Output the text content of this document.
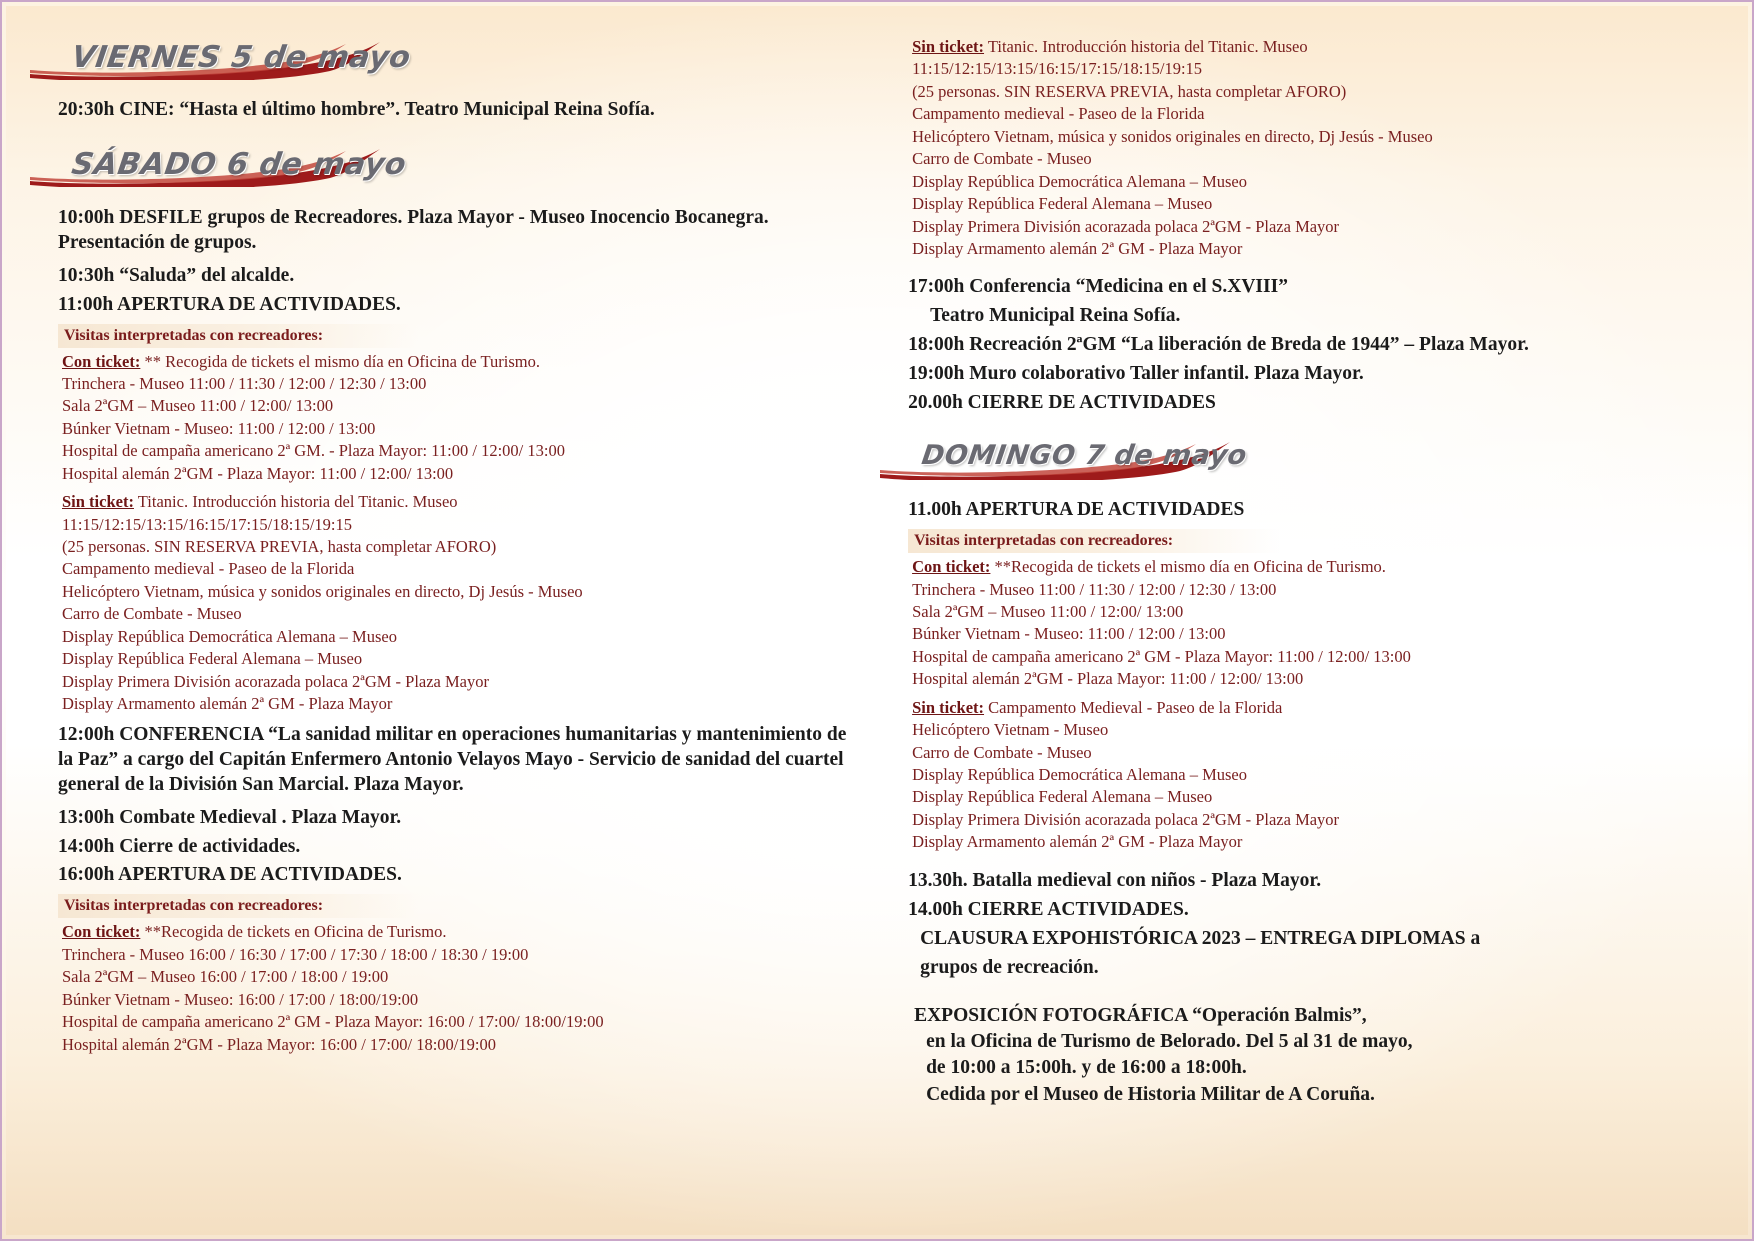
VIERNES 5 de mayo
20:30h CINE: “Hasta el último hombre”. Teatro Municipal Reina Sofía.
SÁBADO 6 de mayo
10:00h DESFILE grupos de Recreadores. Plaza Mayor - Museo Inocencio Bocanegra. Presentación de grupos.
10:30h “Saluda” del alcalde.
11:00h APERTURA DE ACTIVIDADES.
Visitas interpretadas con recreadores:

Con ticket: ** Recogida de tickets el mismo día en Oficina de Turismo.

Trinchera - Museo 11:00 / 11:30 / 12:00 / 12:30 / 13:00

Sala 2ªGM – Museo 11:00 / 12:00/ 13:00

Búnker Vietnam - Museo: 11:00 / 12:00 / 13:00

Hospital de campaña americano 2ª GM. - Plaza Mayor: 11:00 / 12:00/ 13:00

Hospital alemán 2ªGM - Plaza Mayor: 11:00 / 12:00/ 13:00

Sin ticket: Titanic. Introducción historia del Titanic. Museo

11:15/12:15/13:15/16:15/17:15/18:15/19:15

(25 personas. SIN RESERVA PREVIA, hasta completar AFORO)

Campamento medieval - Paseo de la Florida

Helicóptero Vietnam, música y sonidos originales en directo, Dj Jesús - Museo

Carro de Combate - Museo

Display República Democrática Alemana – Museo

Display República Federal Alemana – Museo

Display Primera División acorazada polaca 2ªGM - Plaza Mayor

Display Armamento alemán 2ª GM - Plaza Mayor

12:00h CONFERENCIA “La sanidad militar en operaciones humanitarias y mantenimiento de la Paz” a cargo del Capitán Enfermero Antonio Velayos Mayo - Servicio de sanidad del cuartel general de la División San Marcial. Plaza Mayor.
13:00h Combate Medieval . Plaza Mayor.
14:00h Cierre de actividades.
16:00h APERTURA DE ACTIVIDADES.
Visitas interpretadas con recreadores:

Con ticket: **Recogida de tickets en Oficina de Turismo.

Trinchera - Museo 16:00 / 16:30 / 17:00 / 17:30 / 18:00 / 18:30 / 19:00

Sala 2ªGM – Museo 16:00 / 17:00 / 18:00 / 19:00

Búnker Vietnam - Museo: 16:00 / 17:00 / 18:00/19:00

Hospital de campaña americano 2ª GM - Plaza Mayor: 16:00 / 17:00/ 18:00/19:00

Hospital alemán 2ªGM - Plaza Mayor: 16:00 / 17:00/ 18:00/19:00

Sin ticket: Titanic. Introducción historia del Titanic. Museo

11:15/12:15/13:15/16:15/17:15/18:15/19:15

(25 personas. SIN RESERVA PREVIA, hasta completar AFORO)

Campamento medieval - Paseo de la Florida

Helicóptero Vietnam, música y sonidos originales en directo, Dj Jesús - Museo

Carro de Combate - Museo

Display República Democrática Alemana – Museo

Display República Federal Alemana – Museo

Display Primera División acorazada polaca 2ªGM - Plaza Mayor

Display Armamento alemán 2ª GM - Plaza Mayor

17:00h Conferencia “Medicina en el S.XVIII”
Teatro Municipal Reina Sofía.
18:00h Recreación 2ªGM “La liberación de Breda de 1944” – Plaza Mayor.
19:00h Muro colaborativo Taller infantil. Plaza Mayor.
20.00h CIERRE DE ACTIVIDADES
DOMINGO 7 de mayo
11.00h APERTURA DE ACTIVIDADES
Visitas interpretadas con recreadores:

Con ticket: **Recogida de tickets el mismo día en Oficina de Turismo.

Trinchera - Museo 11:00 / 11:30 / 12:00 / 12:30 / 13:00

Sala 2ªGM – Museo 11:00 / 12:00/ 13:00

Búnker Vietnam - Museo: 11:00 / 12:00 / 13:00

Hospital de campaña americano 2ª GM - Plaza Mayor: 11:00 / 12:00/ 13:00

Hospital alemán 2ªGM - Plaza Mayor: 11:00 / 12:00/ 13:00

Sin ticket: Campamento Medieval - Paseo de la Florida

Helicóptero Vietnam - Museo

Carro de Combate - Museo

Display República Democrática Alemana – Museo

Display República Federal Alemana – Museo

Display Primera División acorazada polaca 2ªGM - Plaza Mayor

Display Armamento alemán 2ª GM - Plaza Mayor

13.30h. Batalla medieval con niños - Plaza Mayor.
14.00h CIERRE ACTIVIDADES.
CLAUSURA EXPOHISTÓRICA 2023 – ENTREGA DIPLOMAS a
grupos de recreación.
EXPOSICIÓN FOTOGRÁFICA “Operación Balmis”,
en la Oficina de Turismo de Belorado. Del 5 al 31 de mayo,
de 10:00 a 15:00h. y de 16:00 a 18:00h.
Cedida por el Museo de Historia Militar de A Coruña.
